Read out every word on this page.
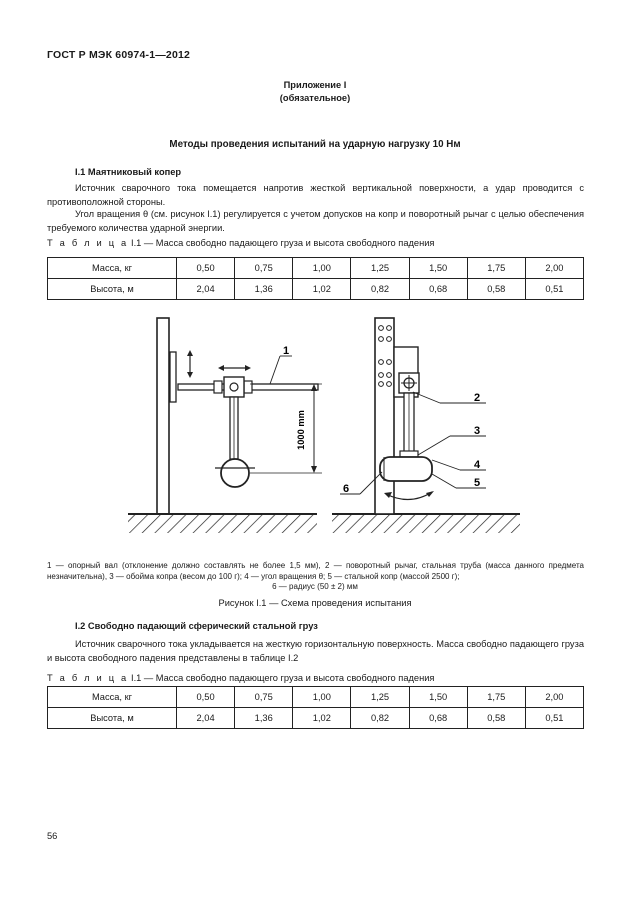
ГОСТ Р МЭК 60974-1—2012
Приложение I
(обязательное)
Методы проведения испытаний на ударную нагрузку 10 Нм
I.1 Маятниковый копер
Источник сварочного тока помещается напротив жесткой вертикальной поверхности, а удар проводится с противоположной стороны.
Угол вращения θ (см. рисунок I.1) регулируется с учетом допусков на копр и поворотный рычаг с целью обеспечения требуемого количества ударной энергии.
Т а б л и ц а I.1 — Масса свободно падающего груза и высота свободного падения
Масса, кг	0,50	0,75	1,00	1,25	1,50	1,75	2,00
Высота, м	2,04	1,36	1,02	0,82	0,68	0,58	0,51
1000 mm
1
2
3
4
5
6
1 — опорный вал (отклонение должно составлять не более 1,5 мм), 2 — поворотный рычаг, стальная труба (масса данного предмета незначительна), 3 — обойма копра (весом до 100 г); 4 — угол вращения θ; 5 — стальной копр (массой 2500 г);
6 — радиус (50 ± 2) мм
Рисунок I.1 — Схема проведения испытания
I.2 Свободно падающий сферический стальной груз
Источник сварочного тока укладывается на жесткую горизонтальную поверхность. Масса свободно падающего груза и высота свободного падения представлены в таблице I.2
Т а б л и ц а I.1 — Масса свободно падающего груза и высота свободного падения
Масса, кг	0,50	0,75	1,00	1,25	1,50	1,75	2,00
Высота, м	2,04	1,36	1,02	0,82	0,68	0,58	0,51
56
